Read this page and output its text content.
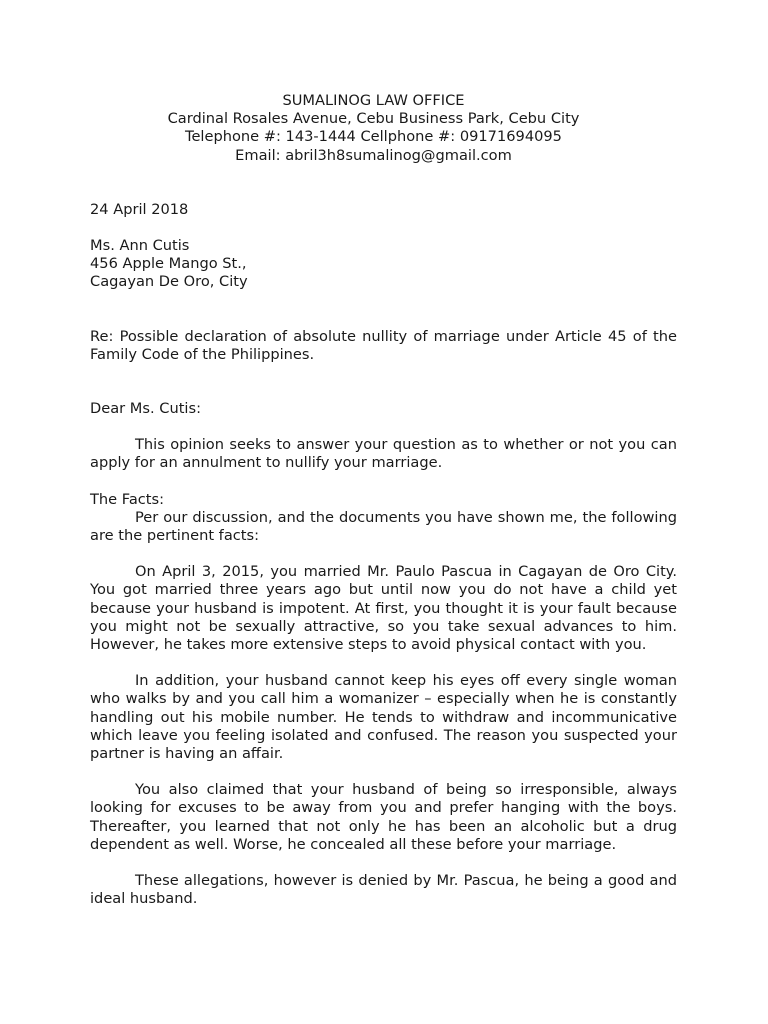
SUMALINOG LAW OFFICE
Cardinal Rosales Avenue, Cebu Business Park, Cebu City
Telephone #: 143-1444 Cellphone #: 09171694095
Email: abril3h8sumalinog@gmail.com
24 April 2018
Ms. Ann Cutis
456 Apple Mango St.,
Cagayan De Oro, City

Re: Possible declaration of absolute nullity of marriage under Article 45 of the Family Code of the Philippines.

Dear Ms. Cutis:

This opinion seeks to answer your question as to whether or not you can apply for an annulment to nullify your marriage.

The Facts:

Per our discussion, and the documents you have shown me, the following are the pertinent facts:

On April 3, 2015, you married Mr. Paulo Pascua in Cagayan de Oro City. You got married three years ago but until now you do not have a child yet because your husband is impotent. At first, you thought it is your fault because you might not be sexually attractive, so you take sexual advances to him. However, he takes more extensive steps to avoid physical contact with you.

In addition, your husband cannot keep his eyes off every single woman who walks by and you call him a womanizer – especially when he is constantly handling out his mobile number. He tends to withdraw and incommunicative which leave you feeling isolated and confused. The reason you suspected your partner is having an affair.

You also claimed that your husband of being so irresponsible, always looking for excuses to be away from you and prefer hanging with the boys. Thereafter, you learned that not only he has been an alcoholic but a drug dependent as well. Worse, he concealed all these before your marriage.

These allegations, however is denied by Mr. Pascua, he being a good and ideal husband.
